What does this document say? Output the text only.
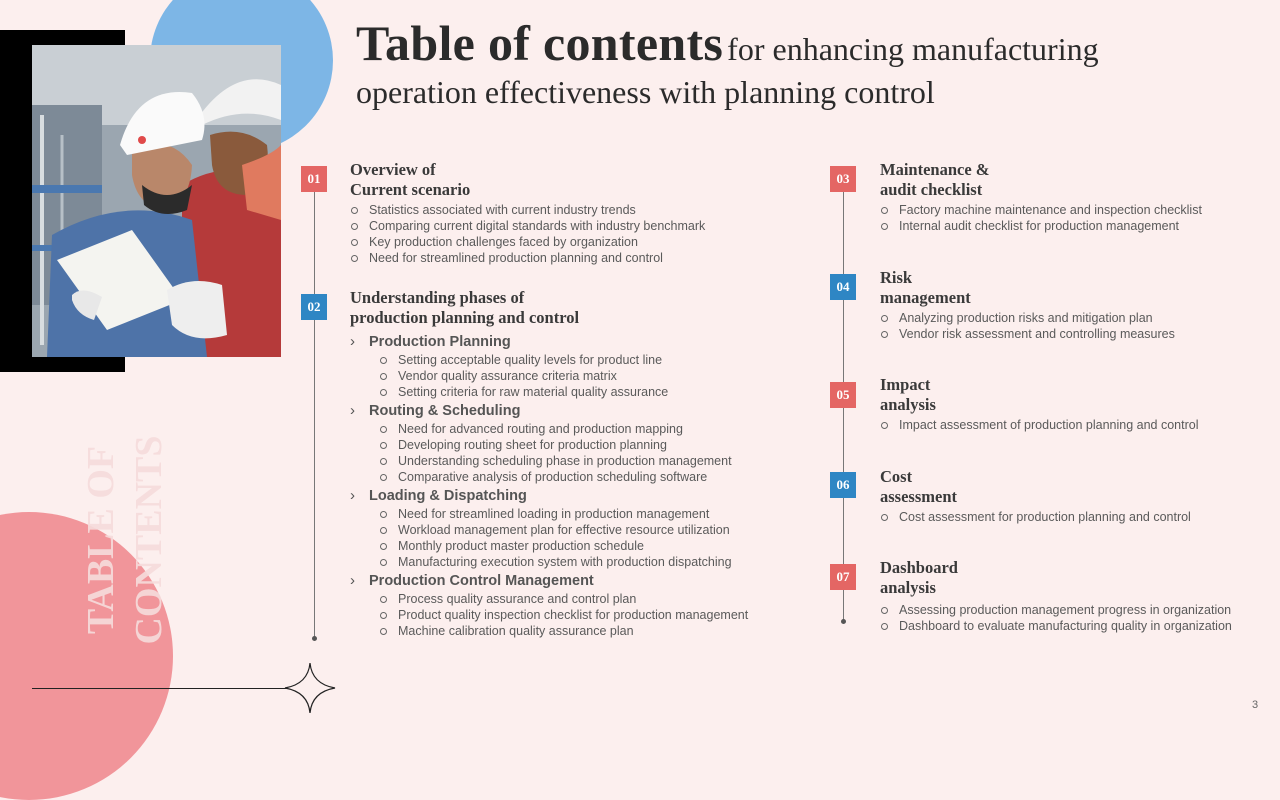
TABLE OF CONTENTS
Table of contents for enhancing manufacturing
operation effectiveness with planning control
01	Overview of
Current scenario
Statistics associated with current industry trends
Comparing current digital standards with industry benchmark
Key production challenges faced by organization
Need for streamlined production planning and control
02	Understanding phases of
production planning and control
› Production Planning
Setting acceptable quality levels for product line
Vendor quality assurance criteria matrix
Setting criteria for raw material quality assurance
› Routing & Scheduling
Need for advanced routing and production mapping
Developing routing sheet for production planning
Understanding scheduling phase in production management
Comparative analysis of production scheduling software
› Loading & Dispatching
Need for streamlined loading in production management
Workload management plan for effective resource utilization
Monthly product master production schedule
Manufacturing execution system with production dispatching
› Production Control Management
Process quality assurance and control plan
Product quality inspection checklist for production management
Machine calibration quality assurance plan
03	Maintenance &
audit checklist
Factory machine maintenance and inspection checklist
Internal audit checklist for production management
04	Risk
management
Analyzing production risks and mitigation plan
Vendor risk assessment and controlling measures
05
Impact
analysis
Impact assessment of production planning and control
06	Cost
assessment
Cost assessment for production planning and control
07	Dashboard
analysis
Assessing production management progress in organization
Dashboard to evaluate manufacturing quality in organization
3
